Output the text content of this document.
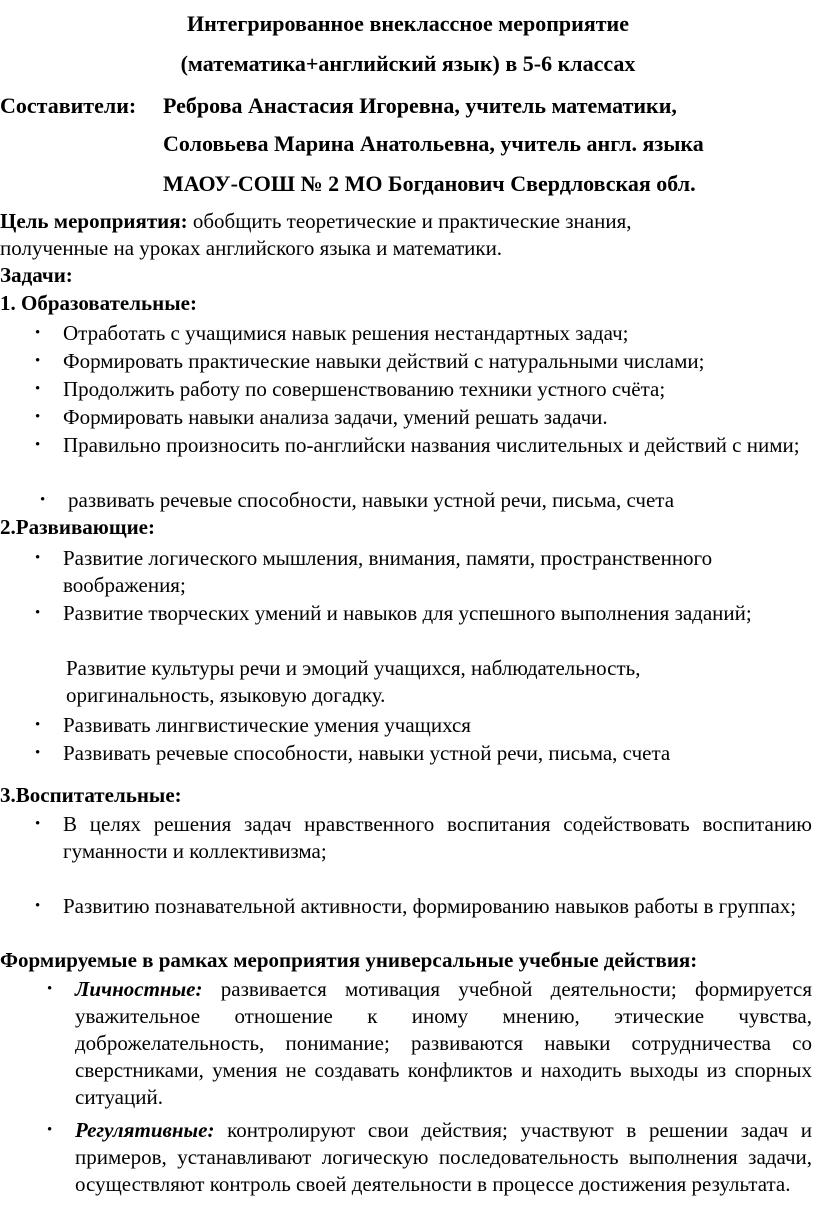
Интегрированное внеклассное мероприятие
(математика+английский язык) в 5-6 классах
Составители: Реброва Анастасия Игоревна, учитель математики,
Соловьева Марина Анатольевна, учитель англ. языка
МАОУ-СОШ № 2 МО Богданович Свердловская обл.
Цель мероприятия: обобщить теоретические и практические знания,
полученные на уроках английского языка и математики.
Задачи:
1. Образовательные:
• Отработать с учащимися навык решения нестандартных задач;
• Формировать практические навыки действий с натуральными числами;
• Продолжить работу по совершенствованию техники устного счёта;
• Формировать навыки анализа задачи, умений решать задачи.
• Правильно произносить по-английски названия числительных и действий с ними;
• развивать речевые способности, навыки устной речи, письма, счета
2.Развивающие:
• Развитие логического мышления, внимания, памяти, пространственного воображения;
• Развитие творческих умений и навыков для успешного выполнения заданий;
Развитие культуры речи и эмоций учащихся, наблюдательность, оригинальность, языковую догадку.
• Развивать лингвистические умения учащихся
• Развивать речевые способности, навыки устной речи, письма, счета
3.Воспитательные:
• В целях решения задач нравственного воспитания содействовать воспитанию гуманности и коллективизма;
• Развитию познавательной активности, формированию навыков работы в группах;
Формируемые в рамках мероприятия универсальные учебные действия:
• Личностные: развивается мотивация учебной деятельности; формируется уважительное отношение к иному мнению, этические чувства, доброжелательность, понимание; развиваются навыки сотрудничества со сверстниками, умения не создавать конфликтов и находить выходы из спорных ситуаций.
• Регулятивные: контролируют свои действия; участвуют в решении задач и примеров, устанавливают логическую последовательность выполнения задачи, осуществляют контроль своей деятельности в процессе достижения результата.
